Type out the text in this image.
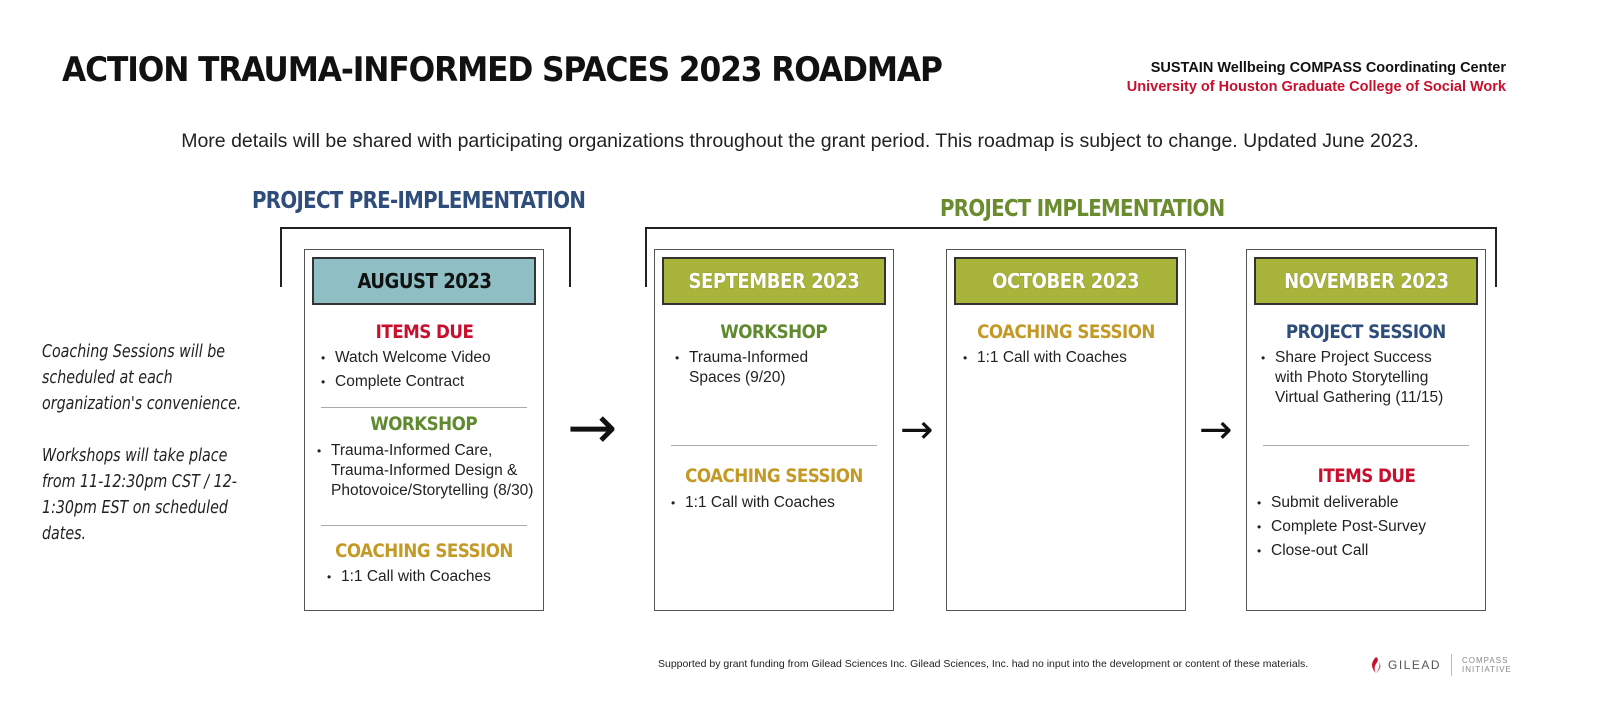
ACTION TRAUMA-INFORMED SPACES 2023 ROADMAP	SUSTAIN Wellbeing COMPASS Coordinating Center
University of Houston Graduate College of Social Work
More details will be shared with participating organizations throughout the grant period. This roadmap is subject to change. Updated June 2023.
PROJECT PRE-IMPLEMENTATION	PROJECT IMPLEMENTATION
Coaching Sessions will be scheduled at each organization's convenience.
Workshops will take place from 11-12:30pm CST / 12-1:30pm EST on scheduled dates.
AUGUST 2023
ITEMS DUE
• Watch Welcome Video
• Complete Contract
WORKSHOP
• Trauma-Informed Care, Trauma-Informed Design & Photovoice/Storytelling (8/30)
COACHING SESSION
• 1:1 Call with Coaches
SEPTEMBER 2023
WORKSHOP
• Trauma-Informed Spaces (9/20)
COACHING SESSION
• 1:1 Call with Coaches
OCTOBER 2023
COACHING SESSION
• 1:1 Call with Coaches
NOVEMBER 2023
PROJECT SESSION
• Share Project Success with Photo Storytelling Virtual Gathering (11/15)
ITEMS DUE
• Submit deliverable
• Complete Post-Survey
• Close-out Call
→	→	→
Supported by grant funding from Gilead Sciences Inc. Gilead Sciences, Inc. had no input into the development or content of these materials.	GILEAD	COMPASS
INITIATIVE
